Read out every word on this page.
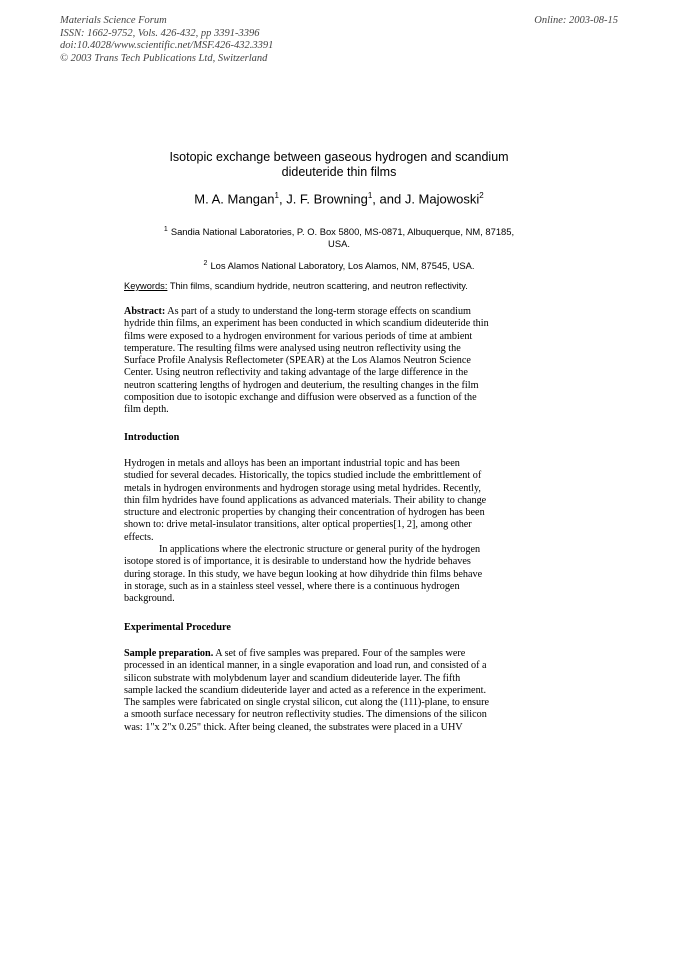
Materials Science Forum
ISSN: 1662-9752, Vols. 426-432, pp 3391-3396
doi:10.4028/www.scientific.net/MSF.426-432.3391
© 2003 Trans Tech Publications Ltd, Switzerland
Online: 2003-08-15
Isotopic exchange between gaseous hydrogen and scandium
dideuteride thin films
M. A. Mangan$^1$, J. F. Browning$^1$, and J. Majowoski$^2$
$^1$ Sandia National Laboratories, P. O. Box 5800, MS-0871, Albuquerque, NM, 87185,
USA.
$^2$ Los Alamos National Laboratory, Los Alamos, NM, 87545, USA.
Keywords: Thin films, scandium hydride, neutron scattering, and neutron reflectivity.
Abstract: As part of a study to understand the long-term storage effects on scandium
hydride thin films, an experiment has been conducted in which scandium dideuteride thin
films were exposed to a hydrogen environment for various periods of time at ambient
temperature. The resulting films were analysed using neutron reflectivity using the
Surface Profile Analysis Reflectometer (SPEAR) at the Los Alamos Neutron Science
Center. Using neutron reflectivity and taking advantage of the large difference in the
neutron scattering lengths of hydrogen and deuterium, the resulting changes in the film
composition due to isotopic exchange and diffusion were observed as a function of the
film depth.
Introduction
Hydrogen in metals and alloys has been an important industrial topic and has been
studied for several decades. Historically, the topics studied include the embrittlement of
metals in hydrogen environments and hydrogen storage using metal hydrides. Recently,
thin film hydrides have found applications as advanced materials. Their ability to change
structure and electronic properties by changing their concentration of hydrogen has been
shown to: drive metal-insulator transitions, alter optical properties[1, 2], among other
effects.
In applications where the electronic structure or general purity of the hydrogen
isotope stored is of importance, it is desirable to understand how the hydride behaves
during storage. In this study, we have begun looking at how dihydride thin films behave
in storage, such as in a stainless steel vessel, where there is a continuous hydrogen
background.
Experimental Procedure
Sample preparation. A set of five samples was prepared. Four of the samples were
processed in an identical manner, in a single evaporation and load run, and consisted of a
silicon substrate with molybdenum layer and scandium dideuteride layer. The fifth
sample lacked the scandium dideuteride layer and acted as a reference in the experiment.
The samples were fabricated on single crystal silicon, cut along the (111)-plane, to ensure
a smooth surface necessary for neutron reflectivity studies. The dimensions of the silicon
was: 1"x 2"x 0.25" thick. After being cleaned, the substrates were placed in a UHV
